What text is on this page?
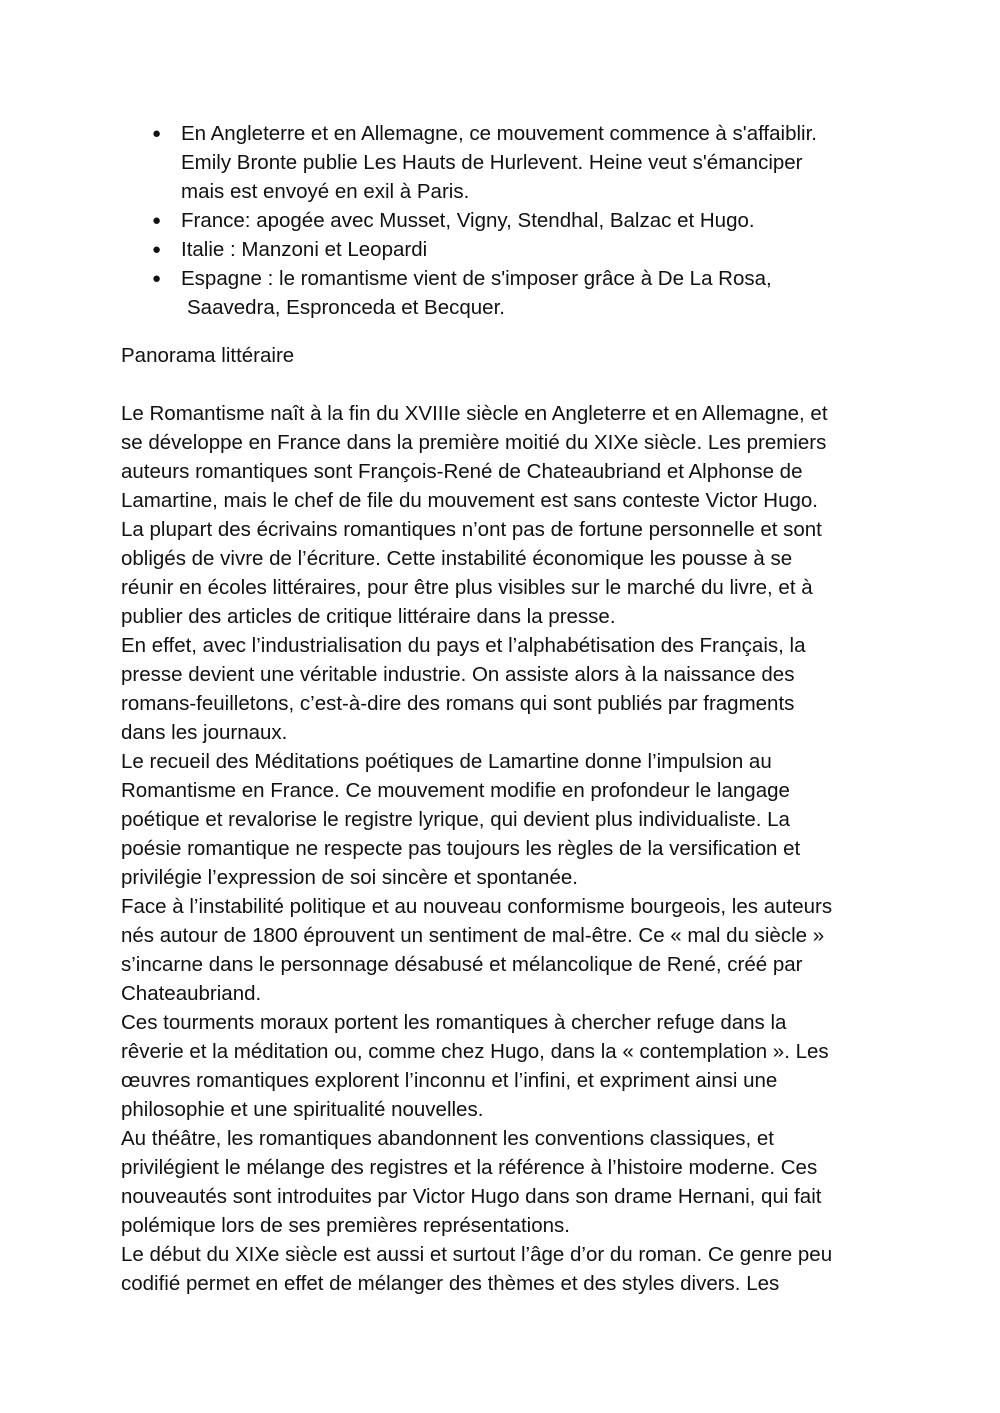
● En Angleterre et en Allemagne, ce mouvement commence à s'affaiblir.
Emily Bronte publie Les Hauts de Hurlevent. Heine veut s'émanciper
mais est envoyé en exil à Paris.
● France: apogée avec Musset, Vigny, Stendhal, Balzac et Hugo.
● Italie : Manzoni et Leopardi
● Espagne : le romantisme vient de s'imposer grâce à De La Rosa,
Saavedra, Espronceda et Becquer.
Panorama littéraire
Le Romantisme naît à la fin du XVIIIe siècle en Angleterre et en Allemagne, et
se développe en France dans la première moitié du XIXe siècle. Les premiers
auteurs romantiques sont François-René de Chateaubriand et Alphonse de
Lamartine, mais le chef de file du mouvement est sans conteste Victor Hugo.
La plupart des écrivains romantiques n’ont pas de fortune personnelle et sont
obligés de vivre de l’écriture. Cette instabilité économique les pousse à se
réunir en écoles littéraires, pour être plus visibles sur le marché du livre, et à
publier des articles de critique littéraire dans la presse.
En effet, avec l’industrialisation du pays et l’alphabétisation des Français, la
presse devient une véritable industrie. On assiste alors à la naissance des
romans-feuilletons, c’est-à-dire des romans qui sont publiés par fragments
dans les journaux.
Le recueil des Méditations poétiques de Lamartine donne l’impulsion au
Romantisme en France. Ce mouvement modifie en profondeur le langage
poétique et revalorise le registre lyrique, qui devient plus individualiste. La
poésie romantique ne respecte pas toujours les règles de la versification et
privilégie l’expression de soi sincère et spontanée.
Face à l’instabilité politique et au nouveau conformisme bourgeois, les auteurs
nés autour de 1800 éprouvent un sentiment de mal-être. Ce « mal du siècle »
s’incarne dans le personnage désabusé et mélancolique de René, créé par
Chateaubriand.
Ces tourments moraux portent les romantiques à chercher refuge dans la
rêverie et la méditation ou, comme chez Hugo, dans la « contemplation ». Les
œuvres romantiques explorent l’inconnu et l’infini, et expriment ainsi une
philosophie et une spiritualité nouvelles.
Au théâtre, les romantiques abandonnent les conventions classiques, et
privilégient le mélange des registres et la référence à l’histoire moderne. Ces
nouveautés sont introduites par Victor Hugo dans son drame Hernani, qui fait
polémique lors de ses premières représentations.
Le début du XIXe siècle est aussi et surtout l’âge d’or du roman. Ce genre peu
codifié permet en effet de mélanger des thèmes et des styles divers. Les
